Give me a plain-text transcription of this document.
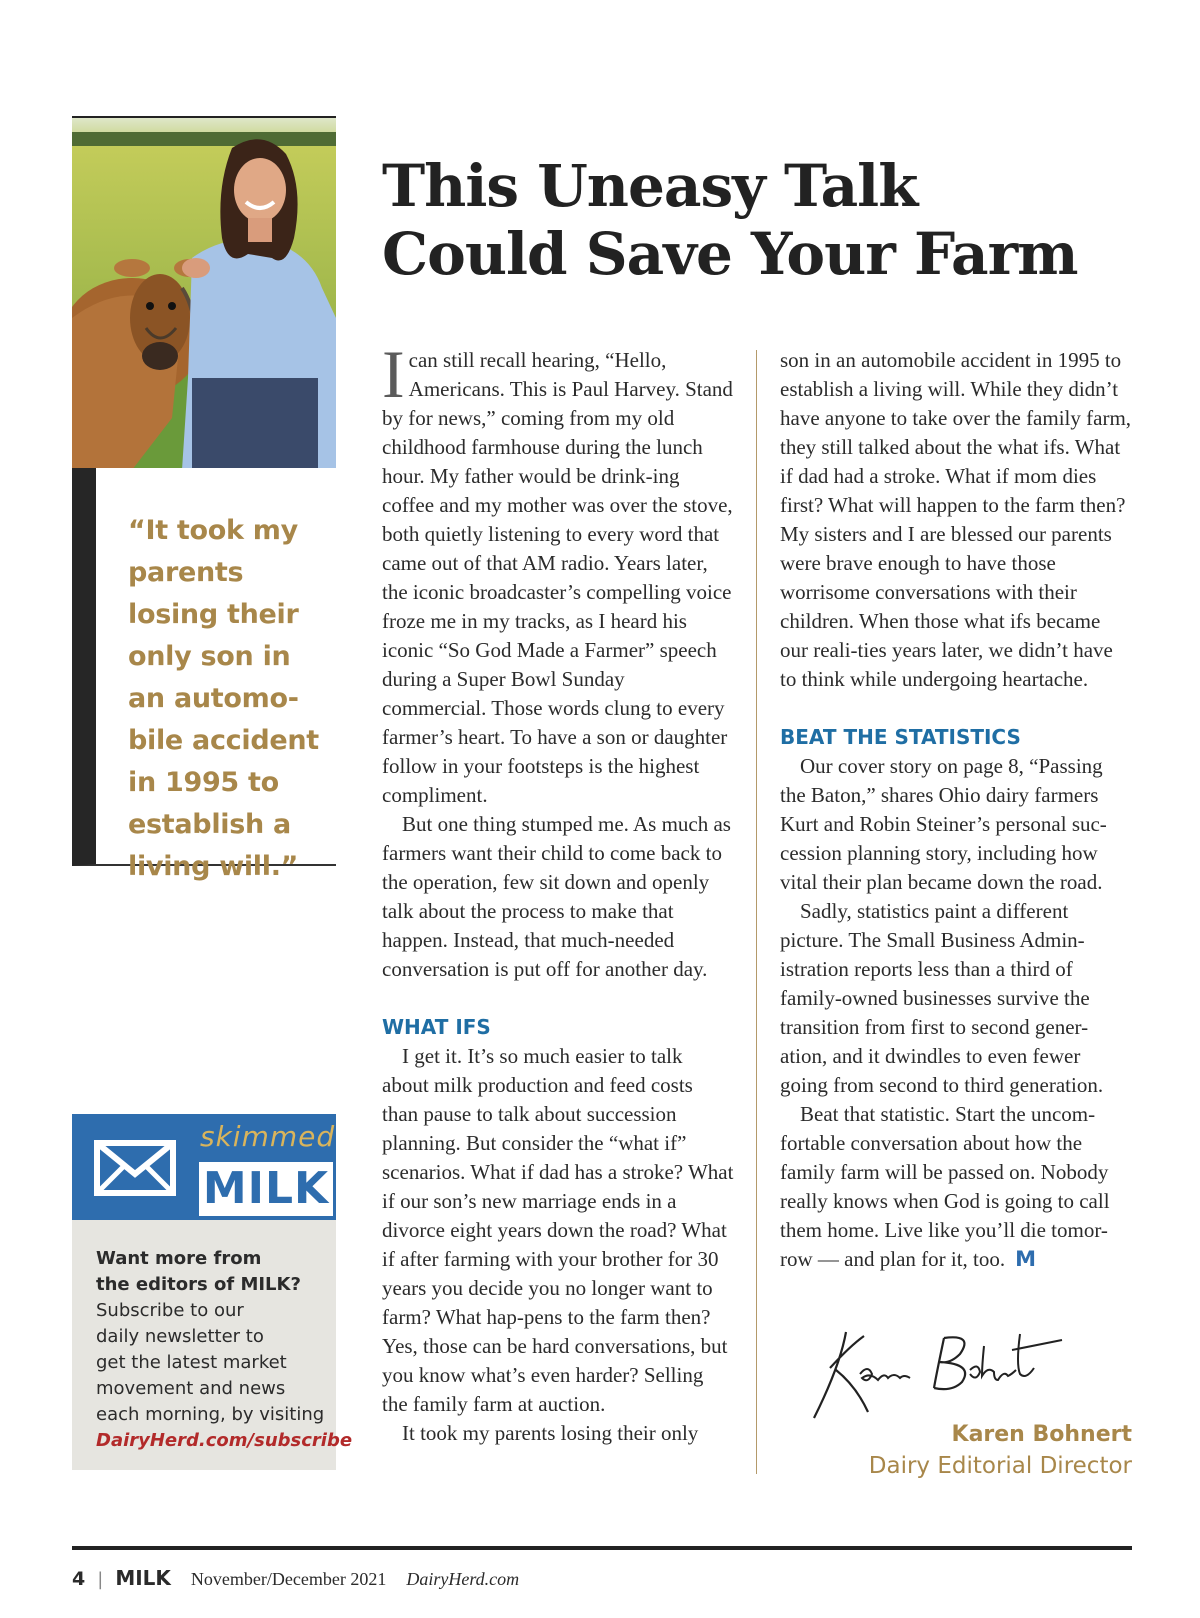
“It took my parents losing their only son in an automo-bile accident in 1995 to establish a living will.”
skimmed
MILK
Want more from
the editors of MILK?
Subscribe to our
daily newsletter to
get the latest market
movement and news
each morning, by visiting
DairyHerd.com/subscribe
This Uneasy Talk
Could Save Your Farm

Ican still recall hearing, “Hello, Americans. This is Paul Harvey. Stand by for news,” coming from my old childhood farmhouse during the lunch hour. My father would be drink-ing coffee and my mother was over the stove, both quietly listening to every word that came out of that AM radio. Years later, the iconic broadcaster’s compelling voice froze me in my tracks, as I heard his iconic “So God Made a Farmer” speech during a Super Bowl Sunday commercial. Those words clung to every farmer’s heart. To have a son or daughter follow in your footsteps is the highest compliment.

But one thing stumped me. As much as farmers want their child to come back to the operation, few sit down and openly talk about the process to make that happen. Instead, that much-needed conversation is put off for another day.

WHAT IFS

I get it. It’s so much easier to talk about milk production and feed costs than pause to talk about succession planning. But consider the “what if” scenarios. What if dad has a stroke? What if our son’s new marriage ends in a divorce eight years down the road? What if after farming with your brother for 30 years you decide you no longer want to farm? What hap-pens to the farm then? Yes, those can be hard conversations, but you know what’s even harder? Selling the family farm at auction.

It took my parents losing their only

son in an automobile accident in 1995 to establish a living will. While they didn’t have anyone to take over the family farm, they still talked about the what ifs. What if dad had a stroke. What if mom dies first? What will happen to the farm then? My sisters and I are blessed our parents were brave enough to have those worrisome conversations with their children. When those what ifs became our reali-ties years later, we didn’t have to think while undergoing heartache.

BEAT THE STATISTICS

Our cover story on page 8, “Passing the Baton,” shares Ohio dairy farmers Kurt and Robin Steiner’s personal suc-cession planning story, including how vital their plan became down the road.

Sadly, statistics paint a different picture. The Small Business Admin-istration reports less than a third of family-owned businesses survive the transition from first to second gener-ation, and it dwindles to even fewer going from second to third generation.

Beat that statistic. Start the uncom-fortable conversation about how the family farm will be passed on. Nobody really knows when God is going to call them home. Live like you’ll die tomor-row — and plan for it, too. M

Karen Bohnert
Dairy Editorial Director
4 | MILK November/December 2021 DairyHerd.com
